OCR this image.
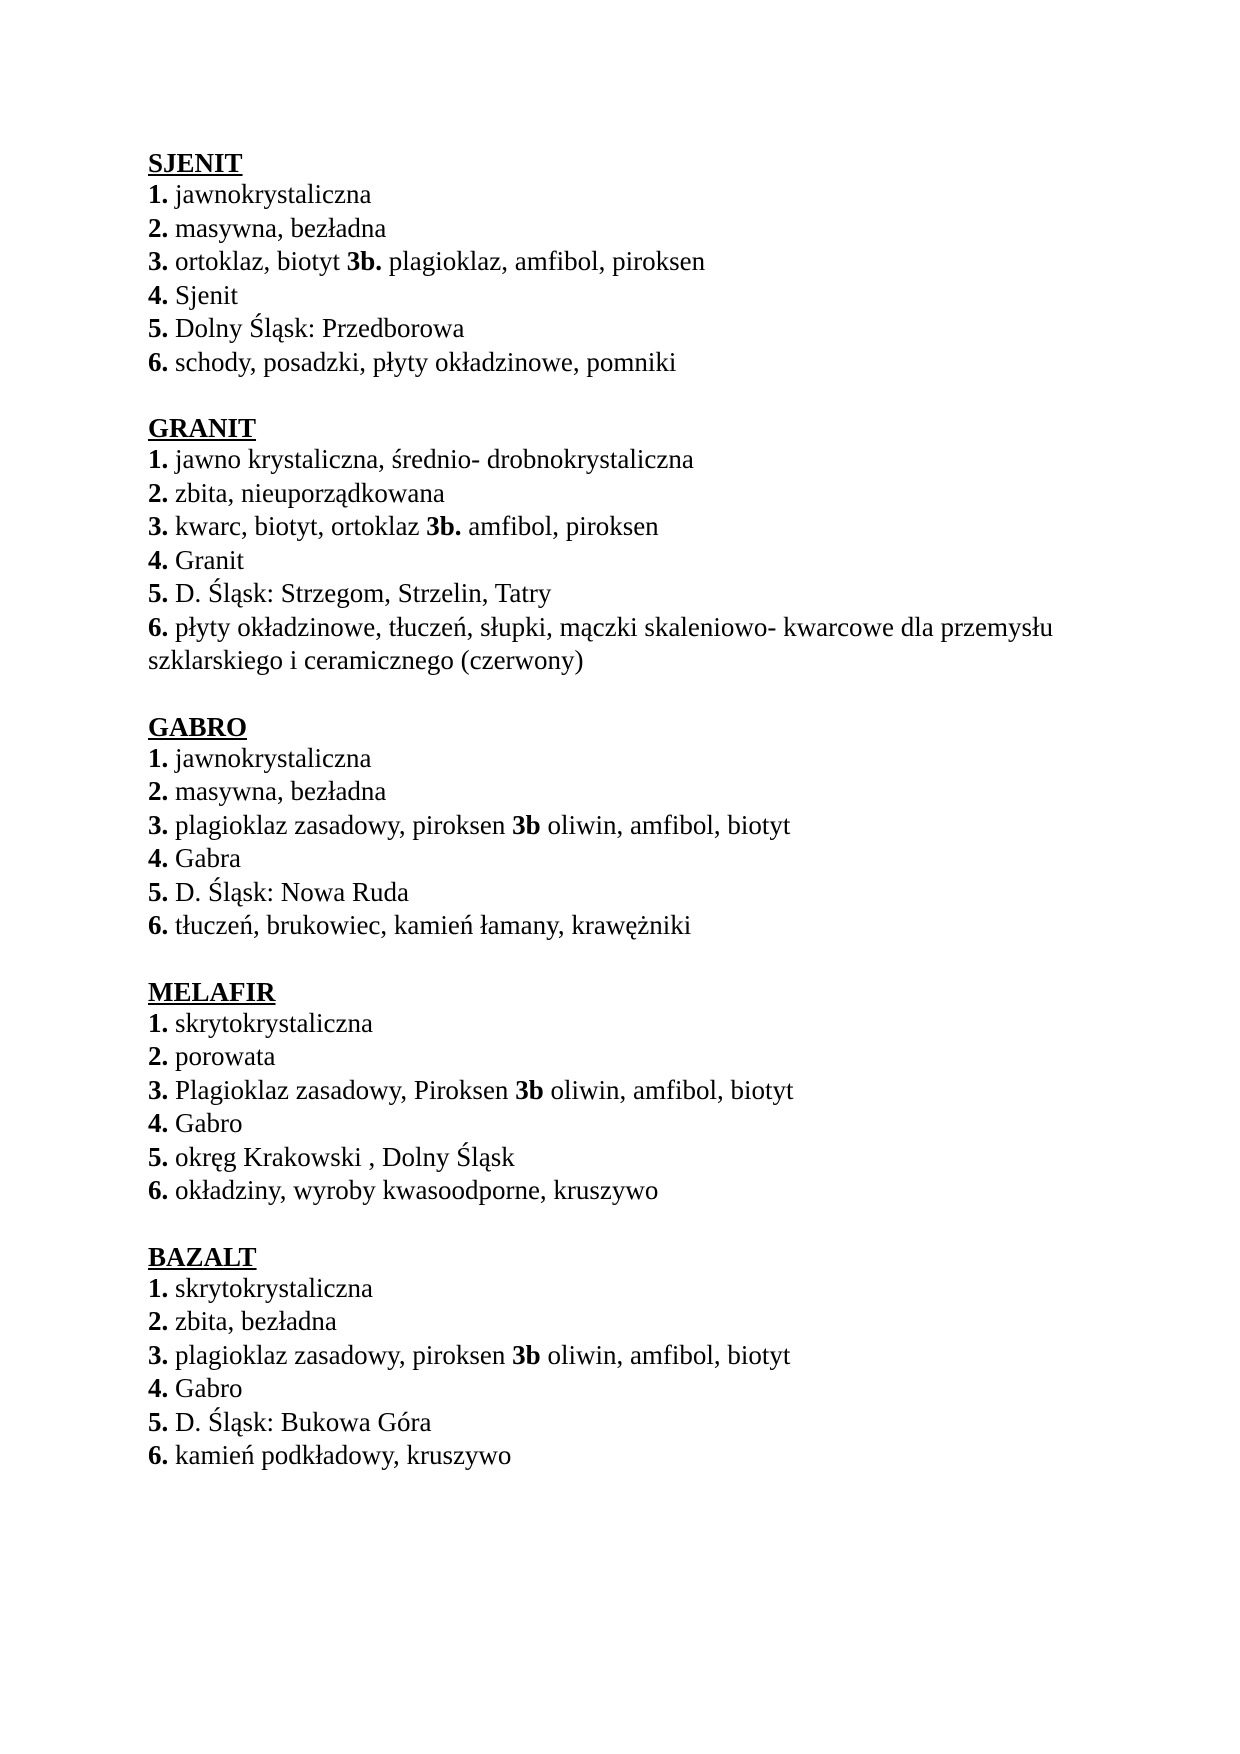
SJENIT
1. jawnokrystaliczna
2. masywna, bezładna
3. ortoklaz, biotyt 3b. plagioklaz, amfibol, piroksen
4. Sjenit
5. Dolny Śląsk: Przedborowa
6. schody, posadzki, płyty okładzinowe, pomniki
GRANIT
1. jawno krystaliczna, średnio- drobnokrystaliczna
2. zbita, nieuporządkowana
3. kwarc, biotyt, ortoklaz 3b. amfibol, piroksen
4. Granit
5. D. Śląsk: Strzegom, Strzelin, Tatry
6. płyty okładzinowe, tłuczeń, słupki, mączki skaleniowo- kwarcowe dla przemysłu szklarskiego i ceramicznego (czerwony)
GABRO
1. jawnokrystaliczna
2. masywna, bezładna
3. plagioklaz zasadowy, piroksen 3b oliwin, amfibol, biotyt
4. Gabra
5. D. Śląsk: Nowa Ruda
6. tłuczeń, brukowiec, kamień łamany, krawężniki
MELAFIR
1. skrytokrystaliczna
2. porowata
3. Plagioklaz zasadowy, Piroksen 3b oliwin, amfibol, biotyt
4. Gabro
5. okręg Krakowski , Dolny Śląsk
6. okładziny, wyroby kwasoodporne, kruszywo
BAZALT
1. skrytokrystaliczna
2. zbita, bezładna
3. plagioklaz zasadowy, piroksen 3b oliwin, amfibol, biotyt
4. Gabro
5. D. Śląsk: Bukowa Góra
6. kamień podkładowy, kruszywo
